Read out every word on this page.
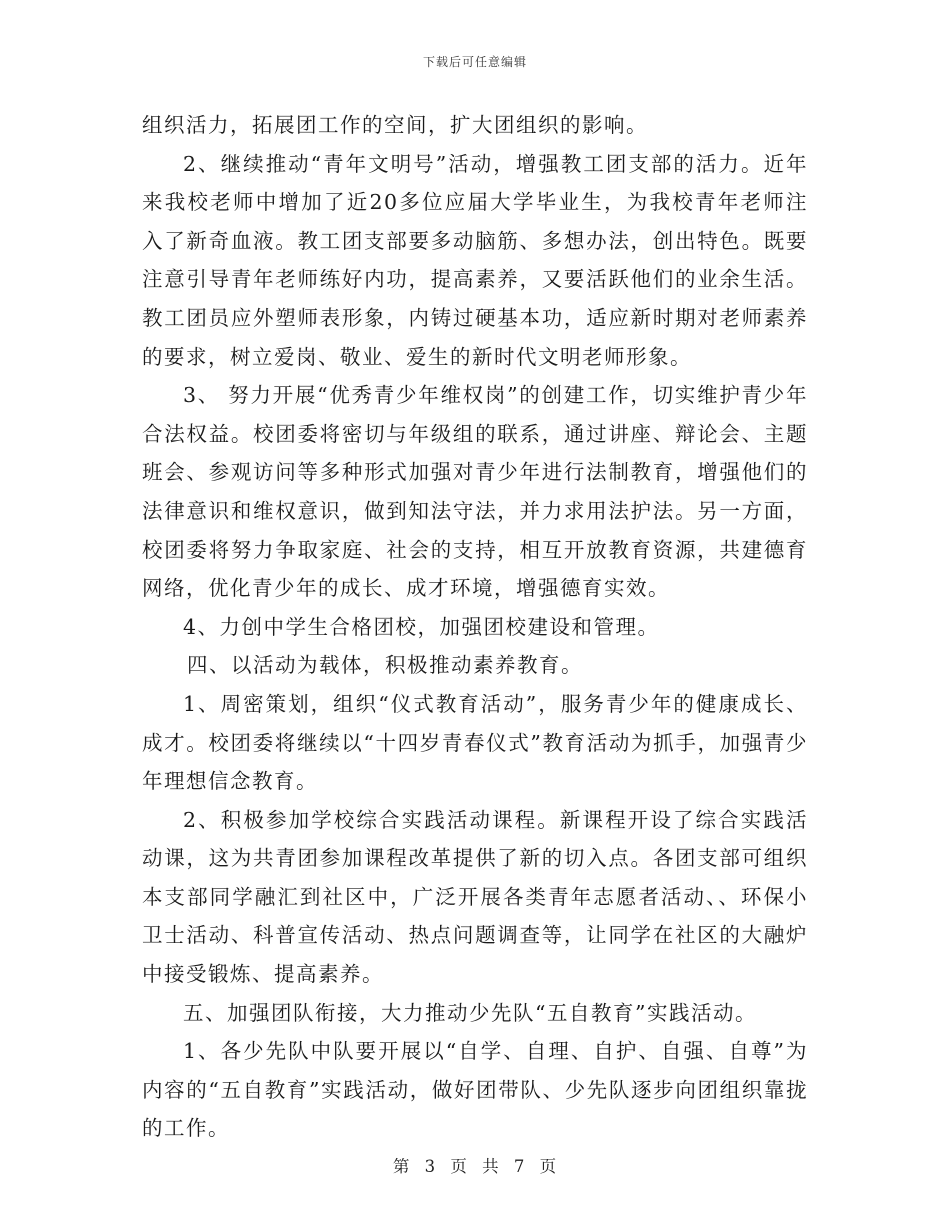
下载后可任意编辑

组织活力，拓展团工作的空间，扩大团组织的影响。

2、继续推动“青年文明号”活动，增强教工团支部的活力。近年来我校老师中增加了近20多位应届大学毕业生，为我校青年老师注入了新奇血液。教工团支部要多动脑筋、多想办法，创出特色。既要注意引导青年老师练好内功，提高素养，又要活跃他们的业余生活。教工团员应外塑师表形象，内铸过硬基本功，适应新时期对老师素养的要求，树立爱岗、敬业、爱生的新时代文明老师形象。

3、 努力开展“优秀青少年维权岗”的创建工作，切实维护青少年合法权益。校团委将密切与年级组的联系，通过讲座、辩论会、主题班会、参观访问等多种形式加强对青少年进行法制教育，增强他们的法律意识和维权意识，做到知法守法，并力求用法护法。另一方面，校团委将努力争取家庭、社会的支持，相互开放教育资源，共建德育网络，优化青少年的成长、成才环境，增强德育实效。

4、力创中学生合格团校，加强团校建设和管理。

四、以活动为载体，积极推动素养教育。

1、周密策划，组织“仪式教育活动”，服务青少年的健康成长、成才。校团委将继续以“十四岁青春仪式”教育活动为抓手，加强青少年理想信念教育。

2、积极参加学校综合实践活动课程。新课程开设了综合实践活动课，这为共青团参加课程改革提供了新的切入点。各团支部可组织本支部同学融汇到社区中，广泛开展各类青年志愿者活动、、环保小卫士活动、科普宣传活动、热点问题调查等，让同学在社区的大融炉中接受锻炼、提高素养。

五、加强团队衔接，大力推动少先队“五自教育”实践活动。

1、各少先队中队要开展以“自学、自理、自护、自强、自尊”为内容的“五自教育”实践活动，做好团带队、少先队逐步向团组织靠拢的工作。

第 3 页 共 7 页
